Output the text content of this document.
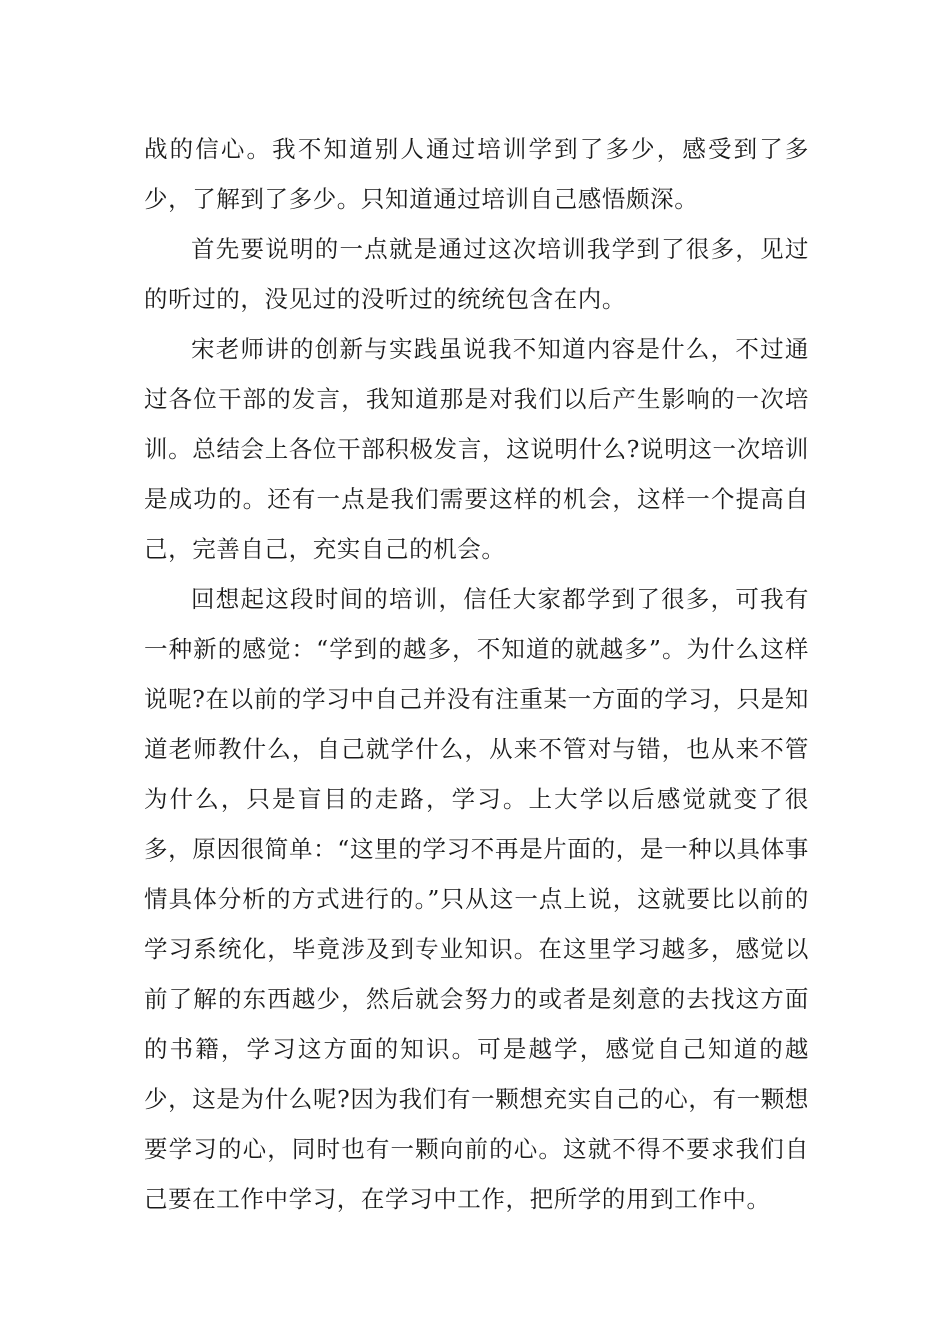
战的信心。我不知道别人通过培训学到了多少，感受到了多少，了解到了多少。只知道通过培训自己感悟颇深。

首先要说明的一点就是通过这次培训我学到了很多，见过的听过的，没见过的没听过的统统包含在内。

宋老师讲的创新与实践虽说我不知道内容是什么，不过通过各位干部的发言，我知道那是对我们以后产生影响的一次培训。总结会上各位干部积极发言，这说明什么?说明这一次培训是成功的。还有一点是我们需要这样的机会，这样一个提高自己，完善自己，充实自己的机会。

回想起这段时间的培训，信任大家都学到了很多，可我有一种新的感觉：“学到的越多，不知道的就越多”。为什么这样说呢?在以前的学习中自己并没有注重某一方面的学习，只是知道老师教什么，自己就学什么，从来不管对与错，也从来不管为什么，只是盲目的走路，学习。上大学以后感觉就变了很多，原因很简单：“这里的学习不再是片面的，是一种以具体事情具体分析的方式进行的。”只从这一点上说，这就要比以前的学习系统化，毕竟涉及到专业知识。在这里学习越多，感觉以前了解的东西越少，然后就会努力的或者是刻意的去找这方面的书籍，学习这方面的知识。可是越学，感觉自己知道的越少，这是为什么呢?因为我们有一颗想充实自己的心，有一颗想要学习的心，同时也有一颗向前的心。这就不得不要求我们自己要在工作中学习，在学习中工作，把所学的用到工作中。
